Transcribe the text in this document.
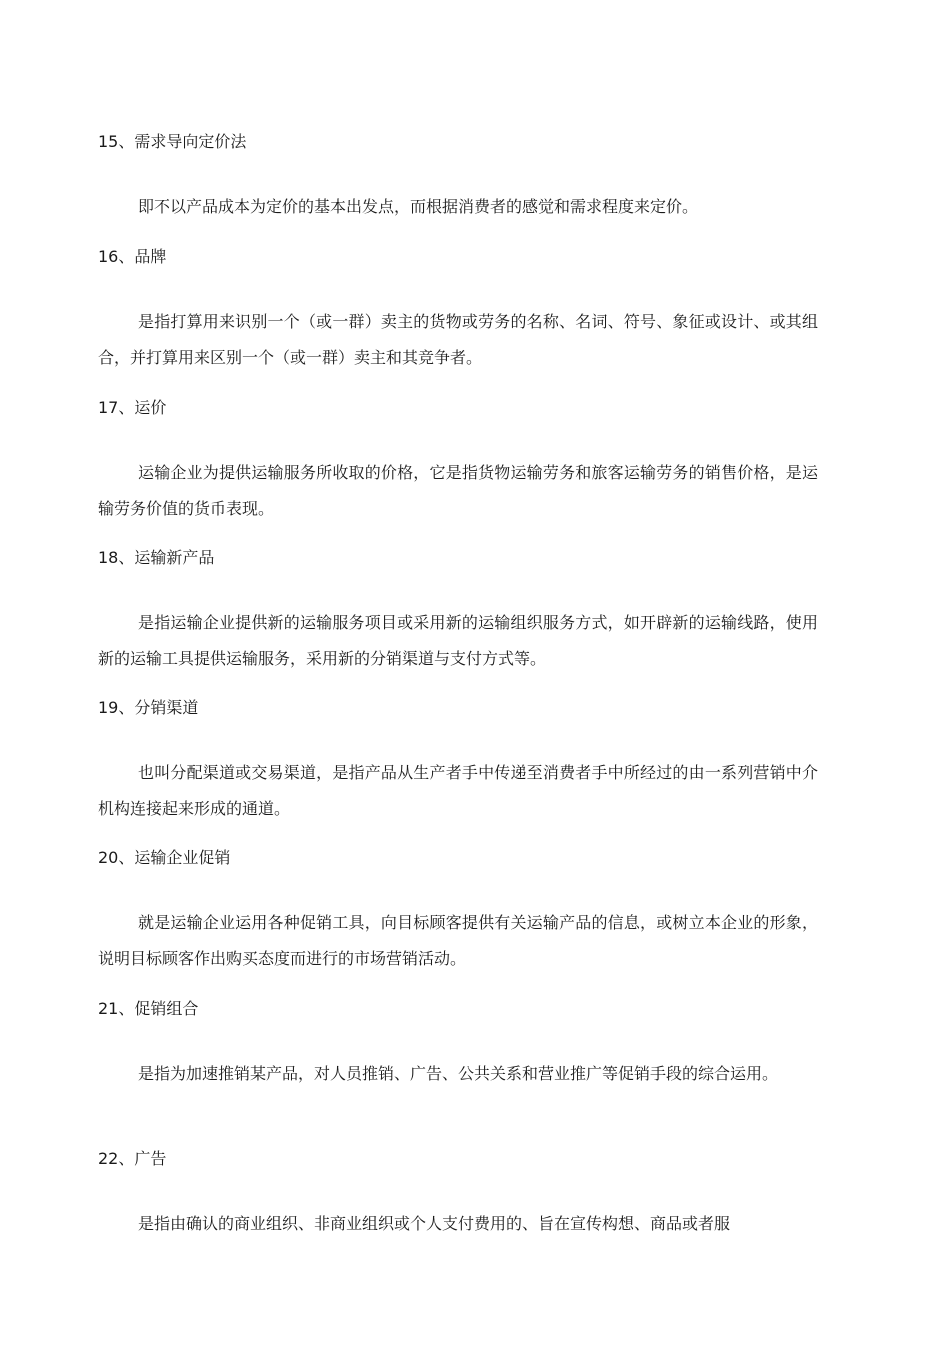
15、需求导向定价法

即不以产品成本为定价的基本出发点，而根据消费者的感觉和需求程度来定价。

16、品牌

是指打算用来识别一个（或一群）卖主的货物或劳务的名称、名词、符号、象征或设计、或其组合，并打算用来区别一个（或一群）卖主和其竞争者。

17、运价

运输企业为提供运输服务所收取的价格，它是指货物运输劳务和旅客运输劳务的销售价格，是运输劳务价值的货币表现。

18、运输新产品

是指运输企业提供新的运输服务项目或采用新的运输组织服务方式，如开辟新的运输线路，使用新的运输工具提供运输服务，采用新的分销渠道与支付方式等。

19、分销渠道

也叫分配渠道或交易渠道，是指产品从生产者手中传递至消费者手中所经过的由一系列营销中介机构连接起来形成的通道。

20、运输企业促销

就是运输企业运用各种促销工具，向目标顾客提供有关运输产品的信息，或树立本企业的形象，说明目标顾客作出购买态度而进行的市场营销活动。

21、促销组合

是指为加速推销某产品，对人员推销、广告、公共关系和营业推广等促销手段的综合运用。

22、广告

是指由确认的商业组织、非商业组织或个人支付费用的、旨在宣传构想、商品或者服
